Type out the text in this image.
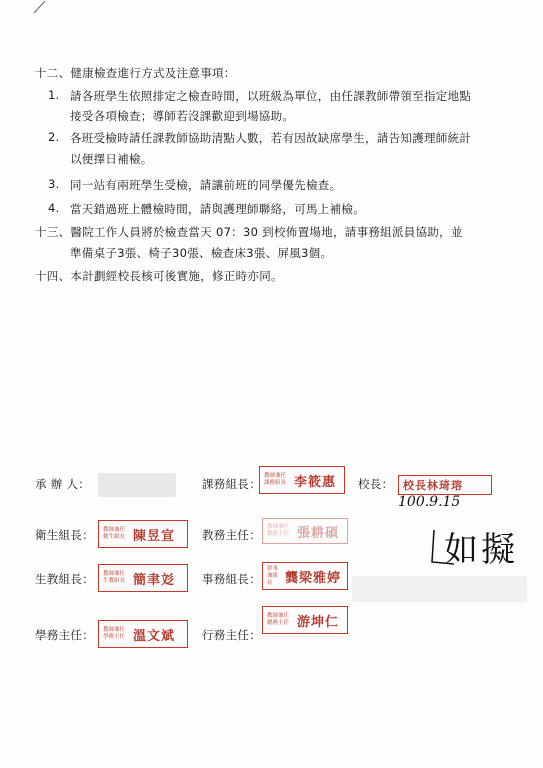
十二、健康檢查進行方式及注意事項：
1. 請各班學生依照排定之檢查時間，以班級為單位，由任課教師帶領至指定地點
接受各項檢查；導師若沒課歡迎到場協助。
2. 各班受檢時請任課教師協助清點人數，若有因故缺席學生，請告知護理師統計
以便擇日補檢。
3. 同一站有兩班學生受檢，請讓前班的同學優先檢查。
4. 當天錯過班上體檢時間，請與護理師聯絡，可馬上補檢。
十三、醫院工作人員將於檢查當天 07：30 到校佈置場地，請事務組派員協助，並
準備桌子3張、椅子30張、檢查床3張、屏風3個。
十四、本計劃經校長核可後實施，修正時亦同。
承 辦 人：	課務組長：
教師兼任課務組長 李筱惠 校長： 校長林琦瑢
100.9.15
衛生組長： 教師兼任衛生組長 陳昱宣 教務主任：
教師兼任教務主任 張耕碩	如擬
生教組長： 教師兼任生教組長 簡聿彣 事務組長：
幹事兼組長 龔梁雅婷
學務主任： 教師兼任學務主任 溫文斌 行務主任：
教師兼任總務主任 游坤仁
